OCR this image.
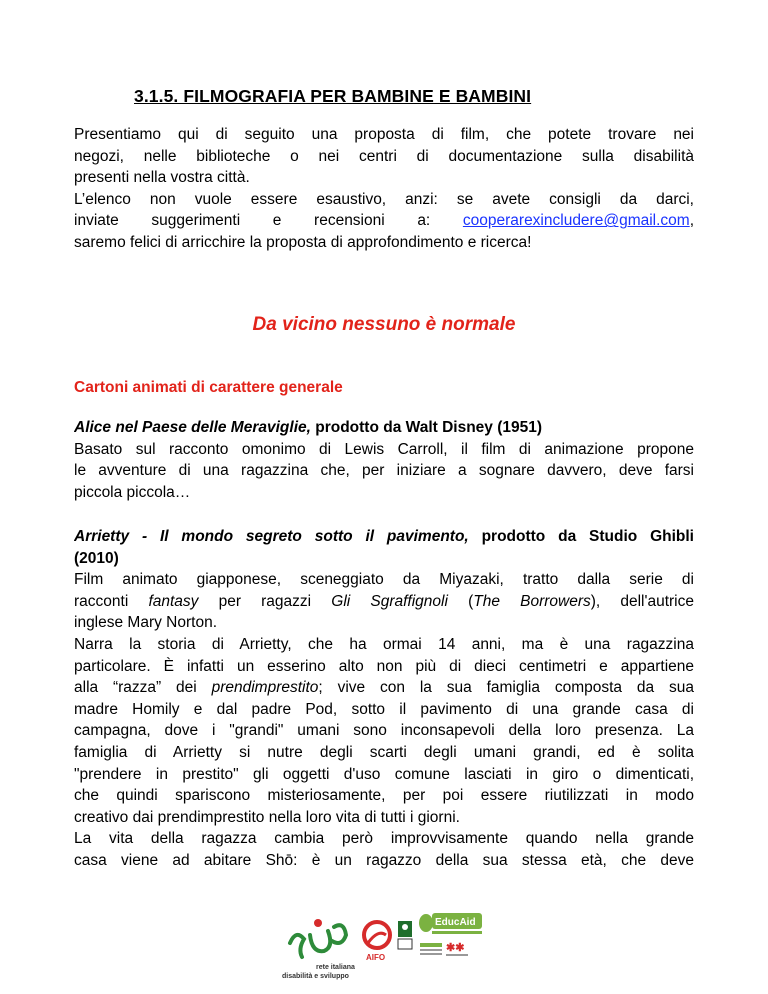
3.1.5. FILMOGRAFIA PER BAMBINE E BAMBINI
Presentiamo qui di seguito una proposta di film, che potete trovare nei
negozi, nelle biblioteche o nei centri di documentazione sulla disabilità
presenti nella vostra città.
L’elenco non vuole essere esaustivo, anzi: se avete consigli da darci,
inviate suggerimenti e recensioni a: cooperarexincludere@gmail.com,
saremo felici di arricchire la proposta di approfondimento e ricerca!
Da vicino nessuno è normale
Cartoni animati di carattere generale
Alice nel Paese delle Meraviglie, prodotto da Walt Disney (1951)
Basato sul racconto omonimo di Lewis Carroll, il film di animazione propone
le avventure di una ragazzina che, per iniziare a sognare davvero, deve farsi
piccola piccola…
Arrietty - Il mondo segreto sotto il pavimento, prodotto da Studio Ghibli
(2010)
Film animato giapponese, sceneggiato da Miyazaki, tratto dalla serie di
racconti fantasy per ragazzi Gli Sgraffignoli (The Borrowers), dell'autrice
inglese Mary Norton.
Narra la storia di Arrietty, che ha ormai 14 anni, ma è una ragazzina
particolare. È infatti un esserino alto non più di dieci centimetri e appartiene
alla “razza” dei prendimprestito; vive con la sua famiglia composta da sua
madre Homily e dal padre Pod, sotto il pavimento di una grande casa di
campagna, dove i "grandi" umani sono inconsapevoli della loro presenza. La
famiglia di Arrietty si nutre degli scarti degli umani grandi, ed è solita
"prendere in prestito" gli oggetti d'uso comune lasciati in giro o dimenticati,
che quindi spariscono misteriosamente, per poi essere riutilizzati in modo
creativo dai prendimprestito nella loro vita di tutti i giorni.
La vita della ragazza cambia però improvvisamente quando nella grande
casa viene ad abitare Shō: è un ragazzo della sua stessa età, che deve
rete italiana
disabilità e sviluppo
AIFO
EducAid
✱✱
